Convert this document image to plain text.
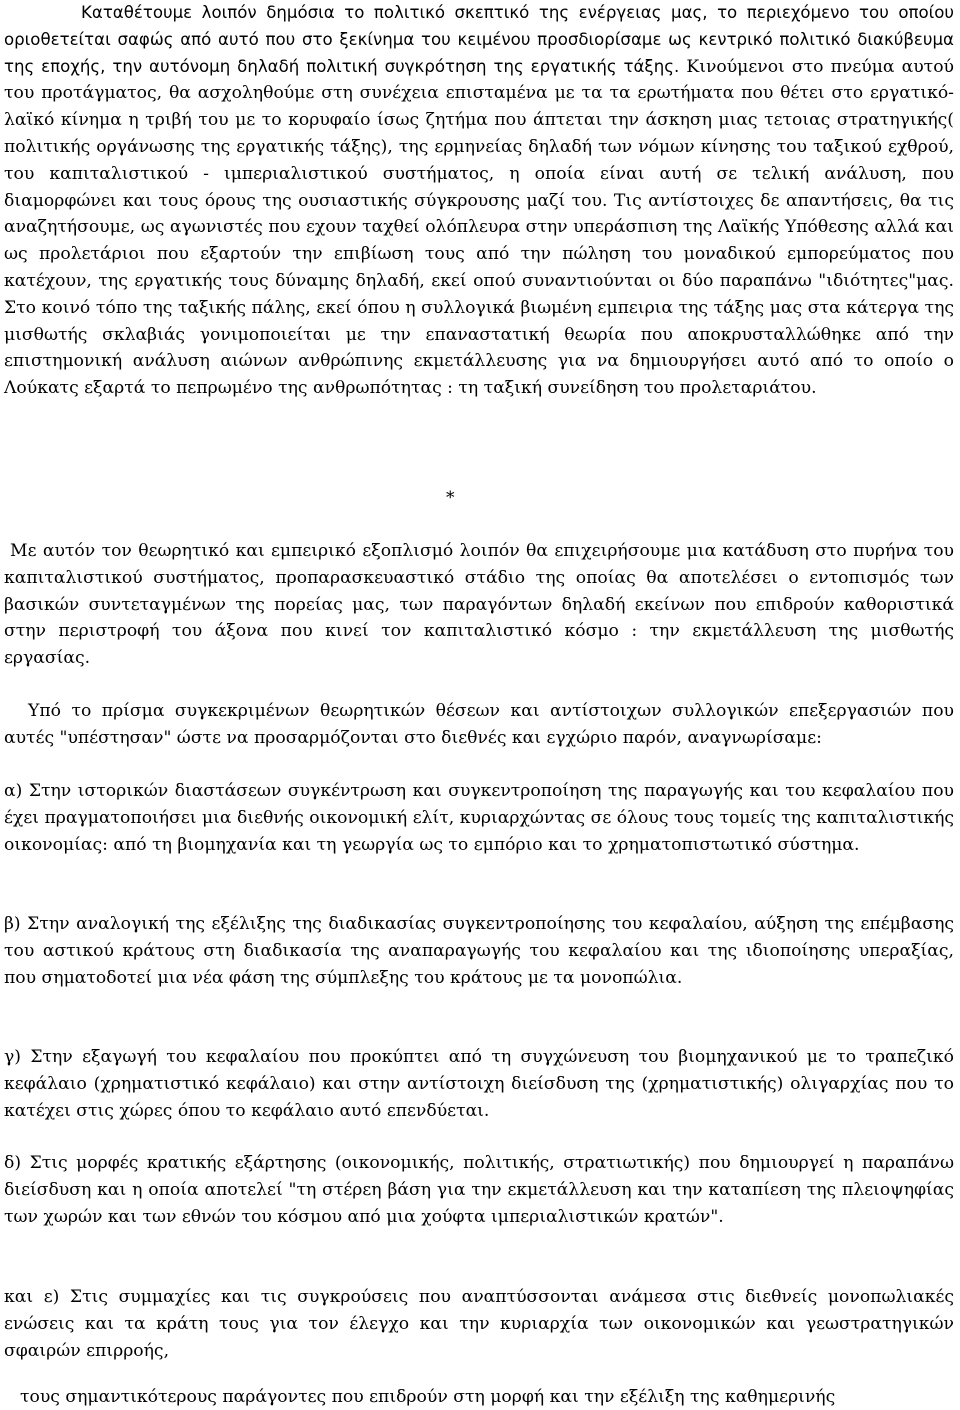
Καταθέτουμε λοιπόν δημόσια το πολιτικό σκεπτικό της ενέργειας μας, το περιεχόμενο του οποίου οριοθετείται σαφώς από αυτό που στο ξεκίνημα του κειμένου προσδιορίσαμε ως κεντρικό πολιτικό διακύβευμα της εποχής, την αυτόνομη δηλαδή πολιτική συγκρότηση της εργατικής τάξης. Κινούμενοι στο πνεύμα αυτού του προτάγματος, θα ασχοληθούμε στη συνέχεια επισταμένα με τα τα ερωτήματα που θέτει στο εργατικό- λαϊκό κίνημα η τριβή του με το κορυφαίο ίσως ζητήμα που άπτεται την άσκηση μιας τετοιας στρατηγικής( πολιτικής οργάνωσης της εργατικής τάξης), της ερμηνείας δηλαδή των νόμων κίνησης του ταξικού εχθρού, του καπιταλιστικού - ιμπεριαλιστικού συστήματος, η οποία είναι αυτή σε τελική ανάλυση, που διαμορφώνει και τους όρους της ουσιαστικής σύγκρουσης μαζί του. Τις αντίστοιχες δε απαντήσεις, θα τις αναζητήσουμε, ως αγωνιστές που εχουν ταχθεί ολόπλευρα στην υπεράσπιση της Λαϊκής Υπόθεσης αλλά και ως προλετάριοι που εξαρτούν την επιβίωση τους από την πώληση του μοναδικού εμπορεύματος που κατέχουν, της εργατικής τους δύναμης δηλαδή, εκεί οπού συναντιούνται οι δύο παραπάνω "ιδιότητες"μας. Στο κοινό τόπο της ταξικής πάλης, εκεί όπου η συλλογικά βιωμένη εμπειρια της τάξης μας στα κάτεργα της μισθωτής σκλαβιάς γονιμοποιείται με την επαναστατική θεωρία που αποκρυσταλλώθηκε από την επιστημονική ανάλυση αιώνων ανθρώπινης εκμετάλλευσης για να δημιουργήσει αυτό από το οποίο ο Λούκατς εξαρτά το πεπρωμένο της ανθρωπότητας : τη ταξική συνείδηση του προλεταριάτου.

*

Με αυτόν τον θεωρητικό και εμπειρικό εξοπλισμό λοιπόν θα επιχειρήσουμε μια κατάδυση στο πυρήνα του καπιταλιστικού συστήματος, προπαρασκευαστικό στάδιο της οποίας θα αποτελέσει ο εντοπισμός των βασικών συντεταγμένων της πορείας μας, των παραγόντων δηλαδή εκείνων που επιδρούν καθοριστικά στην περιστροφή του άξονα που κινεί τον καπιταλιστικό κόσμο : την εκμετάλλευση της μισθωτής εργασίας.

Υπό το πρίσμα συγκεκριμένων θεωρητικών θέσεων και αντίστοιχων συλλογικών επεξεργασιών που αυτές "υπέστησαν" ώστε να προσαρμόζονται στο διεθνές και εγχώριο παρόν, αναγνωρίσαμε:

α) Στην ιστορικών διαστάσεων συγκέντρωση και συγκεντροποίηση της παραγωγής και του κεφαλαίου που έχει πραγματοποιήσει μια διεθνής οικονομική ελίτ, κυριαρχώντας σε όλους τους τομείς της καπιταλιστικής οικονομίας: από τη βιομηχανία και τη γεωργία ως το εμπόριο και το χρηματοπιστωτικό σύστημα.

β) Στην αναλογική της εξέλιξης της διαδικασίας συγκεντροποίησης του κεφαλαίου, αύξηση της επέμβασης του αστικού κράτους στη διαδικασία της αναπαραγωγής του κεφαλαίου και της ιδιοποίησης υπεραξίας, που σηματοδοτεί μια νέα φάση της σύμπλεξης του κράτους με τα μονοπώλια.

γ) Στην εξαγωγή του κεφαλαίου που προκύπτει από τη συγχώνευση του βιομηχανικού με το τραπεζικό κεφάλαιο (χρηματιστικό κεφάλαιο) και στην αντίστοιχη διείσδυση της (χρηματιστικής) ολιγαρχίας που το κατέχει στις χώρες όπου το κεφάλαιο αυτό επενδύεται.

δ) Στις μορφές κρατικής εξάρτησης (οικονομικής, πολιτικής, στρατιωτικής) που δημιουργεί η παραπάνω διείσδυση και η οποία αποτελεί "τη στέρεη βάση για την εκμετάλλευση και την καταπίεση της πλειοψηφίας των χωρών και των εθνών του κόσμου από μια χούφτα ιμπεριαλιστικών κρατών".

και ε) Στις συμμαχίες και τις συγκρούσεις που αναπτύσσονται ανάμεσα στις διεθνείς μονοπωλιακές ενώσεις και τα κράτη τους για τον έλεγχο και την κυριαρχία των οικονομικών και γεωστρατηγικών σφαιρών επιρροής,

τους σημαντικότερους παράγοντες που επιδρούν στη μορφή και την εξέλιξη της καθημερινής
